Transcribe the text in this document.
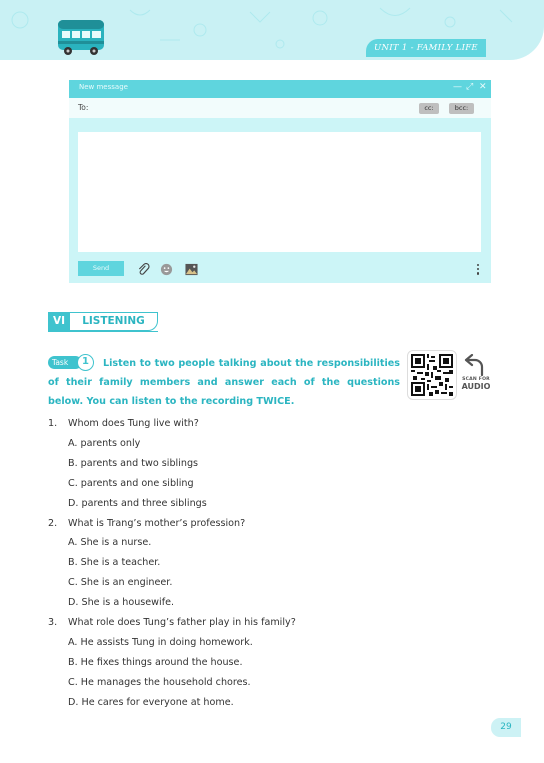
UNIT 1 - FAMILY LIFE
New message	— ⤢ ✕
To:	cc:	bcc:
Send
VI	LISTENING
Listen to two people talking about the responsibilities of their family members and answer each of the questions below. You can listen to the recording TWICE.
Task	1
SCAN FOR
AUDIO
1. Whom does Tung live with?
A. parents only
B. parents and two siblings
C. parents and one sibling
D. parents and three siblings
2. What is Trang’s mother’s profession?
A. She is a nurse.
B. She is a teacher.
C. She is an engineer.
D. She is a housewife.
3. What role does Tung’s father play in his family?
A. He assists Tung in doing homework.
B. He fixes things around the house.
C. He manages the household chores.
D. He cares for everyone at home.
29
